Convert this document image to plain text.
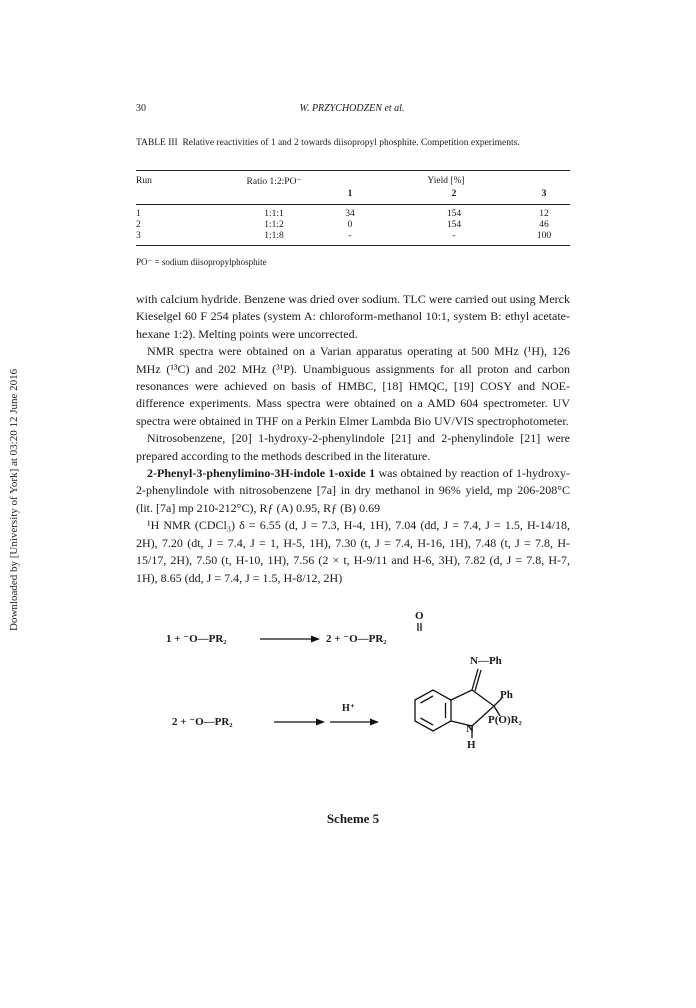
Downloaded by [University of York] at 03:20 12 June 2016
30	W. PRZYCHODZEN et al.
TABLE III Relative reactivities of 1 and 2 towards diisopropyl phosphite. Competition experiments.
Run	Ratio 1:2:PO⁻	Yield [%]
1	2	3
1	1:1:1	34	154	12
2	1:1:2	0	154	46
3	1:1:8	-	-	100
PO⁻ = sodium diisopropylphosphite

with calcium hydride. Benzene was dried over sodium. TLC were carried out using Merck Kieselgel 60 F 254 plates (system A: chloroform-methanol 10:1, system B: ethyl acetate-hexane 1:2). Melting points were uncorrected.

NMR spectra were obtained on a Varian apparatus operating at 500 MHz (¹H), 126 MHz (¹³C) and 202 MHz (³¹P). Unambiguous assignments for all proton and carbon resonances were achieved on basis of HMBC, [18] HMQC, [19] COSY and NOE-difference experiments. Mass spectra were obtained on a AMD 604 spectrometer. UV spectra were obtained in THF on a Perkin Elmer Lambda Bio UV/VIS spectrophotometer.

Nitrosobenzene, [20] 1-hydroxy-2-phenylindole [21] and 2-phenylindole [21] were prepared according to the methods described in the literature.

2-Phenyl-3-phenylimino-3H-indole 1-oxide 1 was obtained by reaction of 1-hydroxy-2-phenylindole with nitrosobenzene [7a] in dry methanol in 96% yield, mp 206-208°C (lit. [7a] mp 210-212°C), Rƒ (A) 0.95, Rƒ (B) 0.69

¹H NMR (CDCl₃) δ = 6.55 (d, J = 7.3, H-4, 1H), 7.04 (dd, J = 7.4, J = 1.5, H-14/18, 2H), 7.20 (dt, J = 7.4, J = 1, H-5, 1H), 7.30 (t, J = 7.4, H-16, 1H), 7.48 (t, J = 7.8, H-15/17, 2H), 7.50 (t, H-10, 1H), 7.56 (2 × t, H-9/11 and H-6, 3H), 7.82 (d, J = 7.8, H-7, 1H), 8.65 (dd, J = 7.4, J = 1.5, H-8/12, 2H)

1 + ⁻O—PR₂	2 + ⁻O—PR₂
O
2 + ⁻O—PR₂
H⁺
N—Ph
Ph
P(O)R₂
N
H
Scheme 5
